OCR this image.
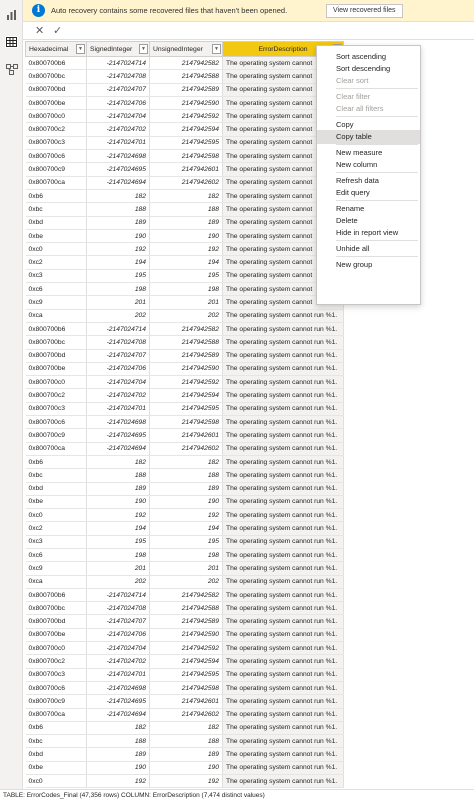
i	Auto recovery contains some recovered files that haven't been opened.	View recovered files
✕ ✓
Hexadecimal ▼	SignedInteger ▼	UnsignedInteger ▼	ErrorDescription

0x800700b6	-2147024714	2147942582	The operating system cannot
0x800700bc	-2147024708	2147942588	The operating system cannot
0x800700bd	-2147024707	2147942589	The operating system cannot
0x800700be	-2147024706	2147942590	The operating system cannot
0x800700c0	-2147024704	2147942592	The operating system cannot
0x800700c2	-2147024702	2147942594	The operating system cannot
0x800700c3	-2147024701	2147942595	The operating system cannot
0x800700c6	-2147024698	2147942598	The operating system cannot
0x800700c9	-2147024695	2147942601	The operating system cannot
0x800700ca	-2147024694	2147942602	The operating system cannot
0xb6	182	182	The operating system cannot
0xbc	188	188	The operating system cannot
0xbd	189	189	The operating system cannot
0xbe	190	190	The operating system cannot
0xc0	192	192	The operating system cannot
0xc2	194	194	The operating system cannot
0xc3	195	195	The operating system cannot
0xc6	198	198	The operating system cannot
0xc9	201	201	The operating system cannot
0xca	202	202	The operating system cannot run %1.
0x800700b6	-2147024714	2147942582	The operating system cannot run %1.
0x800700bc	-2147024708	2147942588	The operating system cannot run %1.
0x800700bd	-2147024707	2147942589	The operating system cannot run %1.
0x800700be	-2147024706	2147942590	The operating system cannot run %1.
0x800700c0	-2147024704	2147942592	The operating system cannot run %1.
0x800700c2	-2147024702	2147942594	The operating system cannot run %1.
0x800700c3	-2147024701	2147942595	The operating system cannot run %1.
0x800700c6	-2147024698	2147942598	The operating system cannot run %1.
0x800700c9	-2147024695	2147942601	The operating system cannot run %1.
0x800700ca	-2147024694	2147942602	The operating system cannot run %1.
0xb6	182	182	The operating system cannot run %1.
0xbc	188	188	The operating system cannot run %1.
0xbd	189	189	The operating system cannot run %1.
0xbe	190	190	The operating system cannot run %1.
0xc0	192	192	The operating system cannot run %1.
0xc2	194	194	The operating system cannot run %1.
0xc3	195	195	The operating system cannot run %1.
0xc6	198	198	The operating system cannot run %1.
0xc9	201	201	The operating system cannot run %1.
0xca	202	202	The operating system cannot run %1.
0x800700b6	-2147024714	2147942582	The operating system cannot run %1.
0x800700bc	-2147024708	2147942588	The operating system cannot run %1.
0x800700bd	-2147024707	2147942589	The operating system cannot run %1.
0x800700be	-2147024706	2147942590	The operating system cannot run %1.
0x800700c0	-2147024704	2147942592	The operating system cannot run %1.
0x800700c2	-2147024702	2147942594	The operating system cannot run %1.
0x800700c3	-2147024701	2147942595	The operating system cannot run %1.
0x800700c6	-2147024698	2147942598	The operating system cannot run %1.
0x800700c9	-2147024695	2147942601	The operating system cannot run %1.
0x800700ca	-2147024694	2147942602	The operating system cannot run %1.
0xb6	182	182	The operating system cannot run %1.
0xbc	188	188	The operating system cannot run %1.
0xbd	189	189	The operating system cannot run %1.
0xbe	190	190	The operating system cannot run %1.
0xc0	192	192	The operating system cannot run %1.
Sort ascending
Sort descending
Clear sort
Clear filter
Clear all filters
Copy
Copy table
New measure
New column
Refresh data
Edit query
Rename
Delete
Hide in report view
Unhide all
New group
TABLE: ErrorCodes_Final (47,356 rows) COLUMN: ErrorDescription (7,474 distinct values)
